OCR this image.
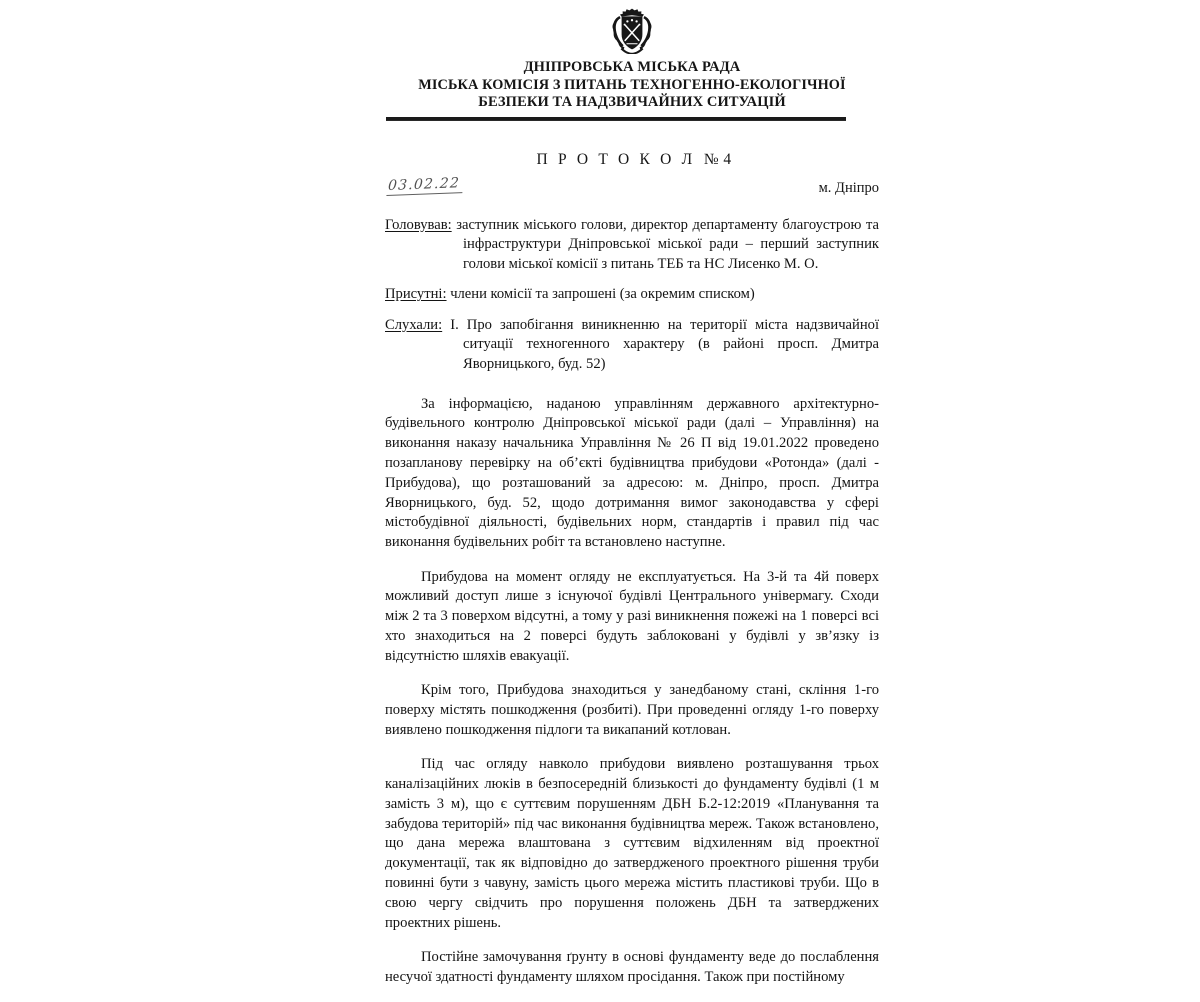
ДНІПРОВСЬКА МІСЬКА РАДА
МІСЬКА КОМІСІЯ З ПИТАНЬ ТЕХНОГЕННО-ЕКОЛОГІЧНОЇ
БЕЗПЕКИ ТА НАДЗВИЧАЙНИХ СИТУАЦІЙ
П Р О Т О К О Л № 4
03.02.22	м. Дніпро
Головував: заступник міського голови, директор департаменту благоустрою та інфраструктури Дніпровської міської ради – перший заступник голови міської комісії з питань ТЕБ та НС Лисенко М. О.
Присутні: члени комісії та запрошені (за окремим списком)
Слухали: І. Про запобігання виникненню на території міста надзвичайної ситуації техногенного характеру (в районі просп. Дмитра Яворницького, буд. 52)

За інформацією, наданою управлінням державного архітектурно-будівельного контролю Дніпровської міської ради (далі – Управління) на виконання наказу начальника Управління № 26 П від 19.01.2022 проведено позапланову перевірку на об’єкті будівництва прибудови «Ротонда» (далі - Прибудова), що розташований за адресою: м. Дніпро, просп. Дмитра Яворницького, буд. 52, щодо дотримання вимог законодавства у сфері містобудівної діяльності, будівельних норм, стандартів і правил під час виконання будівельних робіт та встановлено наступне.

Прибудова на момент огляду не експлуатується. На 3-й та 4й поверх можливий доступ лише з існуючої будівлі Центрального універмагу. Сходи між 2 та 3 поверхом відсутні, а тому у разі виникнення пожежі на 1 поверсі всі хто знаходиться на 2 поверсі будуть заблоковані у будівлі у зв’язку із відсутністю шляхів евакуації.

Крім того, Прибудова знаходиться у занедбаному стані, скління 1-го поверху містять пошкодження (розбиті). При проведенні огляду 1-го поверху виявлено пошкодження підлоги та викапаний котлован.

Під час огляду навколо прибудови виявлено розташування трьох каналізаційних люків в безпосередній близькості до фундаменту будівлі (1 м замість 3 м), що є суттєвим порушенням ДБН Б.2-12:2019 «Планування та забудова територій» під час виконання будівництва мереж. Також встановлено, що дана мережа влаштована з суттєвим відхиленням від проектної документації, так як відповідно до затвердженого проектного рішення труби повинні бути з чавуну, замість цього мережа містить пластикові труби. Що в свою чергу свідчить про порушення положень ДБН та затверджених проектних рішень.

Постійне замочування ґрунту в основі фундаменту веде до послаблення несучої здатності фундаменту шляхом просідання. Також при постійному
